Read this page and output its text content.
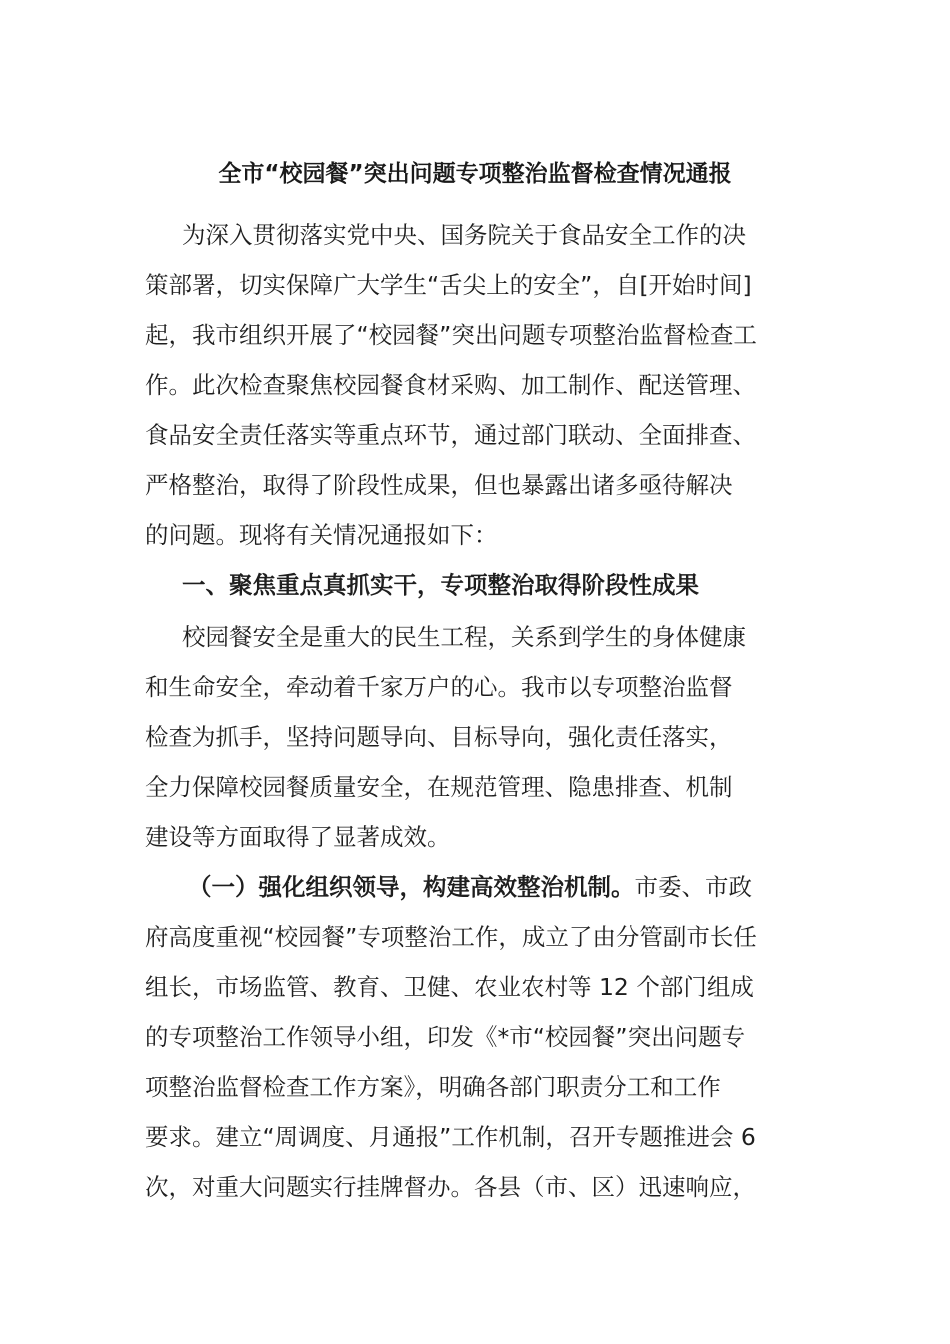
全市“校园餐”突出问题专项整治监督检查情况通报

为深入贯彻落实党中央、国务院关于食品安全工作的决

策部署，切实保障广大学生“舌尖上的安全”，自[开始时间]

起，我市组织开展了“校园餐”突出问题专项整治监督检查工

作。此次检查聚焦校园餐食材采购、加工制作、配送管理、

食品安全责任落实等重点环节，通过部门联动、全面排查、

严格整治，取得了阶段性成果，但也暴露出诸多亟待解决

的问题。现将有关情况通报如下：

一、聚焦重点真抓实干，专项整治取得阶段性成果

校园餐安全是重大的民生工程，关系到学生的身体健康

和生命安全，牵动着千家万户的心。我市以专项整治监督

检查为抓手，坚持问题导向、目标导向，强化责任落实，

全力保障校园餐质量安全，在规范管理、隐患排查、机制

建设等方面取得了显著成效。

（一）强化组织领导，构建高效整治机制。市委、市政

府高度重视“校园餐”专项整治工作，成立了由分管副市长任

组长，市场监管、教育、卫健、农业农村等 12 个部门组成

的专项整治工作领导小组，印发《*市“校园餐”突出问题专

项整治监督检查工作方案》，明确各部门职责分工和工作

要求。建立“周调度、月通报”工作机制，召开专题推进会 6

次，对重大问题实行挂牌督办。各县（市、区）迅速响应，
